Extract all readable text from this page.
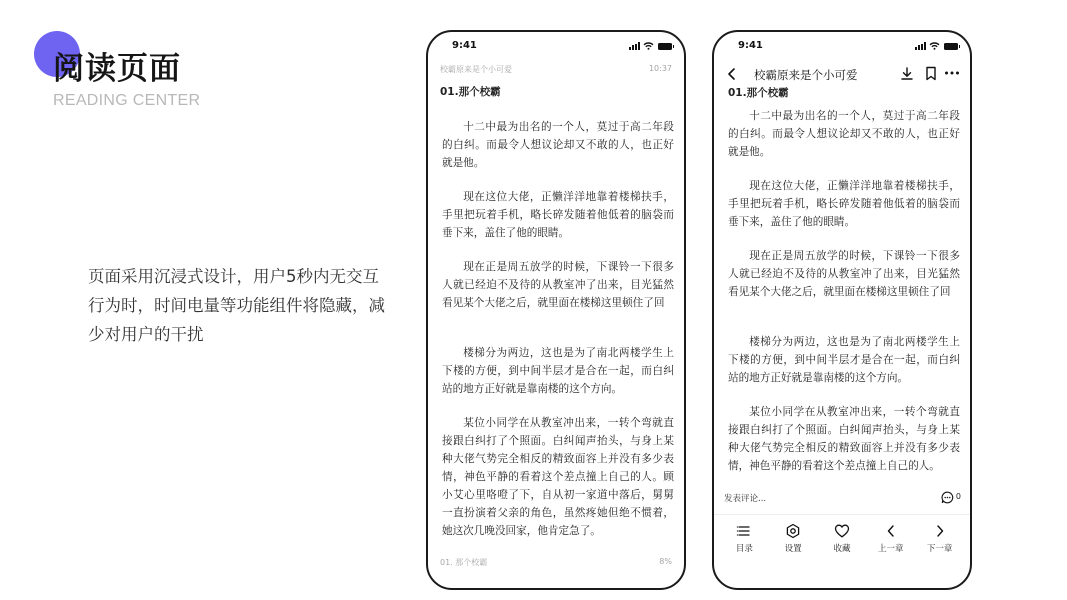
阅读页面
READING CENTER

页面采用沉浸式设计，用户5秒内无交互行为时，时间电量等功能组件将隐藏，减少对用户的干扰

9:41
校霸原来是个小可爱	10:37
01.那个校霸

十二中最为出名的一个人，莫过于高二年段的白纠。而最令人想议论却又不敢的人，也正好就是他。

现在这位大佬，正懒洋洋地靠着楼梯扶手，手里把玩着手机，略长碎发随着他低着的脑袋而垂下来，盖住了他的眼睛。

现在正是周五放学的时候，下课铃一下很多人就已经迫不及待的从教室冲了出来，目光猛然看见某个大佬之后，就里面在楼梯这里顿住了回

楼梯分为两边，这也是为了南北两楼学生上下楼的方便，到中间半层才是合在一起，而白纠站的地方正好就是靠南楼的这个方向。

某位小同学在从教室冲出来，一转个弯就直接跟白纠打了个照面。白纠闻声抬头，与身上某种大佬气势完全相反的精致面容上并没有多少表情，神色平静的看着这个差点撞上自己的人。顾小艾心里咯噔了下，自从初一家道中落后，舅舅一直扮演着父亲的角色，虽然疼她但绝不惯着，她这次几晚没回家，他肯定急了。

01. 那个校霸	8%
9:41
校霸原来是个小可爱
01.那个校霸

十二中最为出名的一个人，莫过于高二年段的白纠。而最令人想议论却又不敢的人，也正好就是他。

现在这位大佬，正懒洋洋地靠着楼梯扶手，手里把玩着手机，略长碎发随着他低着的脑袋而垂下来，盖住了他的眼睛。

现在正是周五放学的时候，下课铃一下很多人就已经迫不及待的从教室冲了出来，目光猛然看见某个大佬之后，就里面在楼梯这里顿住了回

楼梯分为两边，这也是为了南北两楼学生上下楼的方便，到中间半层才是合在一起，而白纠站的地方正好就是靠南楼的这个方向。

某位小同学在从教室冲出来，一转个弯就直接跟白纠打了个照面。白纠闻声抬头，与身上某种大佬气势完全相反的精致面容上并没有多少表情，神色平静的看着这个差点撞上自己的人。

发表评论...	0
目录	设置	收藏	上一章	下一章
